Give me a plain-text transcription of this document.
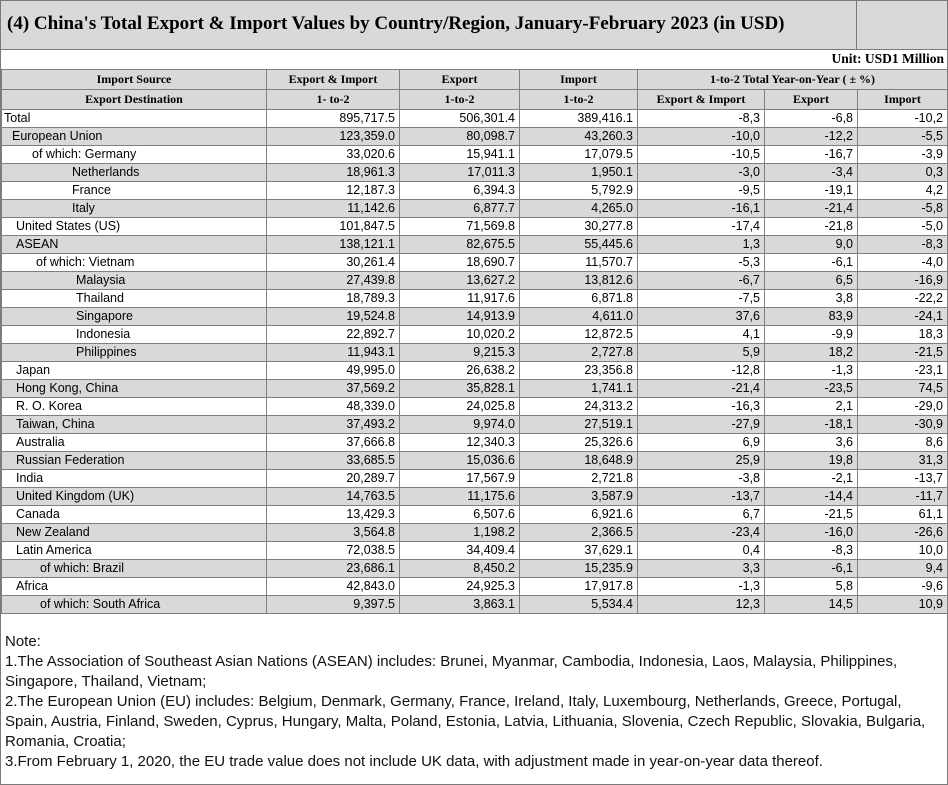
(4) China's Total Export & Import Values by Country/Region, January-February 2023 (in USD)
Unit: USD1 Million
Import Source	Export & Import	Export	Import	1-to-2 Total Year-on-Year ( ± %)		
Export Destination	1- to-2	1-to-2	1-to-2	Export & Import	Export	Import
Total	895,717.5	506,301.4	389,416.1	-8,3	-6,8	-10,2
European Union	123,359.0	80,098.7	43,260.3	-10,0	-12,2	-5,5
of which: Germany	33,020.6	15,941.1	17,079.5	-10,5	-16,7	-3,9
Netherlands	18,961.3	17,011.3	1,950.1	-3,0	-3,4	0,3
France	12,187.3	6,394.3	5,792.9	-9,5	-19,1	4,2
Italy	11,142.6	6,877.7	4,265.0	-16,1	-21,4	-5,8
United States (US)	101,847.5	71,569.8	30,277.8	-17,4	-21,8	-5,0
ASEAN	138,121.1	82,675.5	55,445.6	1,3	9,0	-8,3
of which: Vietnam	30,261.4	18,690.7	11,570.7	-5,3	-6,1	-4,0
Malaysia	27,439.8	13,627.2	13,812.6	-6,7	6,5	-16,9
Thailand	18,789.3	11,917.6	6,871.8	-7,5	3,8	-22,2
Singapore	19,524.8	14,913.9	4,611.0	37,6	83,9	-24,1
Indonesia	22,892.7	10,020.2	12,872.5	4,1	-9,9	18,3
Philippines	11,943.1	9,215.3	2,727.8	5,9	18,2	-21,5
Japan	49,995.0	26,638.2	23,356.8	-12,8	-1,3	-23,1
Hong Kong, China	37,569.2	35,828.1	1,741.1	-21,4	-23,5	74,5
R. O. Korea	48,339.0	24,025.8	24,313.2	-16,3	2,1	-29,0
Taiwan, China	37,493.2	9,974.0	27,519.1	-27,9	-18,1	-30,9
Australia	37,666.8	12,340.3	25,326.6	6,9	3,6	8,6
Russian Federation	33,685.5	15,036.6	18,648.9	25,9	19,8	31,3
India	20,289.7	17,567.9	2,721.8	-3,8	-2,1	-13,7
United Kingdom (UK)	14,763.5	11,175.6	3,587.9	-13,7	-14,4	-11,7
Canada	13,429.3	6,507.6	6,921.6	6,7	-21,5	61,1
New Zealand	3,564.8	1,198.2	2,366.5	-23,4	-16,0	-26,6
Latin America	72,038.5	34,409.4	37,629.1	0,4	-8,3	10,0
of which: Brazil	23,686.1	8,450.2	15,235.9	3,3	-6,1	9,4
Africa	42,843.0	24,925.3	17,917.8	-1,3	5,8	-9,6
of which: South Africa	9,397.5	3,863.1	5,534.4	12,3	14,5	10,9
Note:
1.The Association of Southeast Asian Nations (ASEAN) includes: Brunei, Myanmar, Cambodia, Indonesia, Laos, Malaysia, Philippines, Singapore, Thailand, Vietnam;
2.The European Union (EU) includes: Belgium, Denmark, Germany, France, Ireland, Italy, Luxembourg, Netherlands, Greece, Portugal, Spain, Austria, Finland, Sweden, Cyprus, Hungary, Malta, Poland, Estonia, Latvia, Lithuania, Slovenia, Czech Republic, Slovakia, Bulgaria, Romania, Croatia;
3.From February 1, 2020, the EU trade value does not include UK data, with adjustment made in year-on-year data thereof.
